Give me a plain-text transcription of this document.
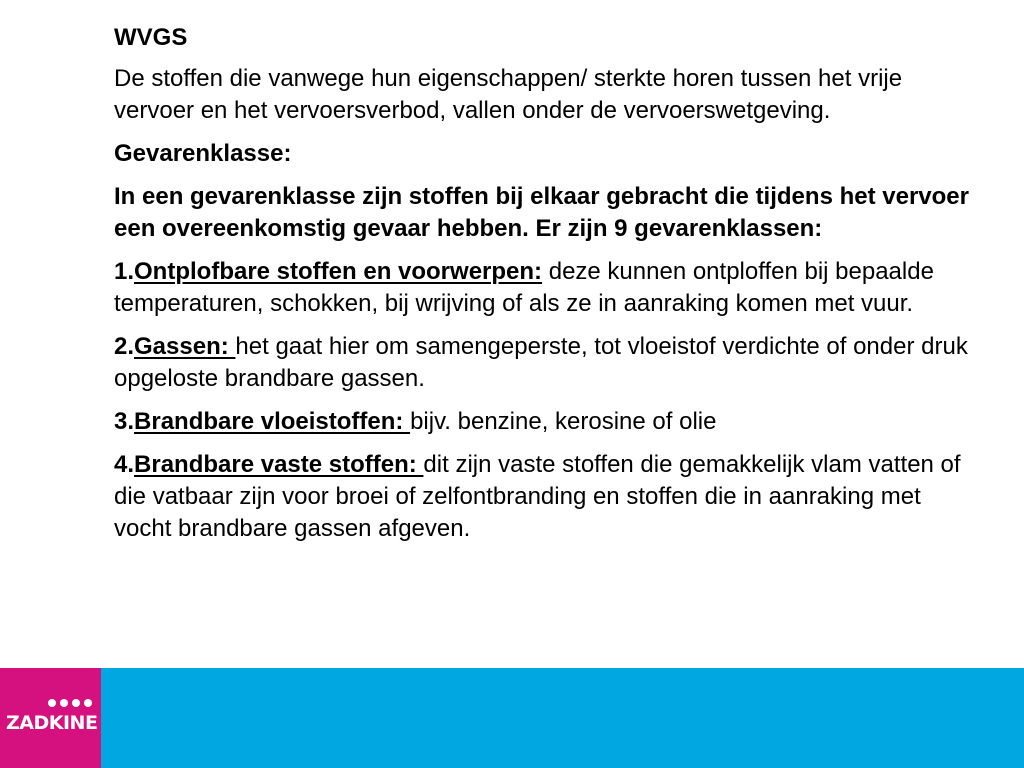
WVGS

De stoffen die vanwege hun eigenschappen/ sterkte horen tussen het vrije vervoer en het vervoersverbod, vallen onder de vervoerswetgeving.

Gevarenklasse:

In een gevarenklasse zijn stoffen bij elkaar gebracht die tijdens het vervoer een overeenkomstig gevaar hebben. Er zijn 9 gevarenklassen:

1.Ontplofbare stoffen en voorwerpen: deze kunnen ontploffen bij bepaalde temperaturen, schokken, bij wrijving of als ze in aanraking komen met vuur.

2.Gassen: het gaat hier om samengeperste, tot vloeistof verdichte of onder druk opgeloste brandbare gassen.

3.Brandbare vloeistoffen: bijv. benzine, kerosine of olie

4.Brandbare vaste stoffen: dit zijn vaste stoffen die gemakkelijk vlam vatten of die vatbaar zijn voor broei of zelfontbranding en stoffen die in aanraking met vocht brandbare gassen afgeven.

ZADKINE
